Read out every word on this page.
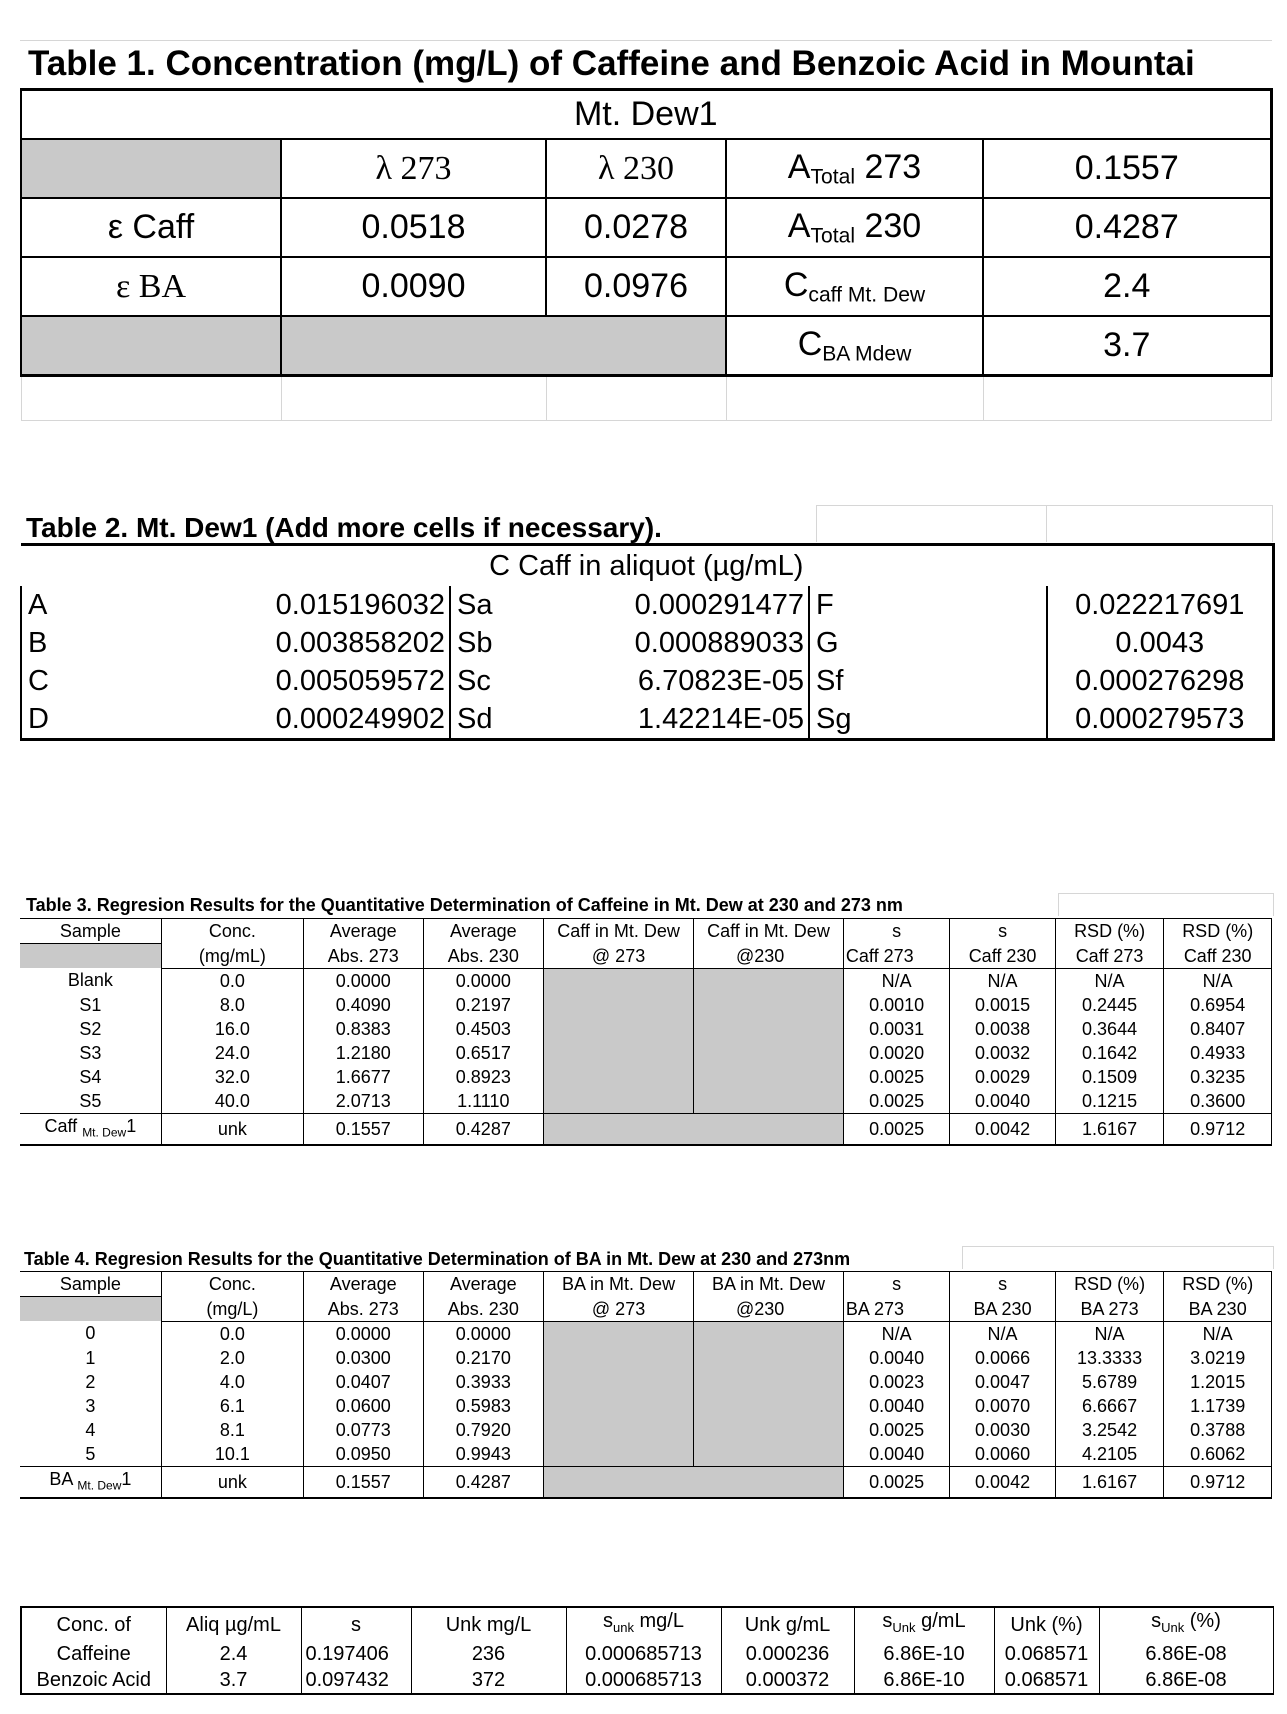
Table 1. Concentration (mg/L) of Caffeine and Benzoic Acid in Mountai
Mt. Dew1				
	λ 273	λ 230	$A_{Total}$ 273	0.1557
ε Caff	0.0518	0.0278	$A_{Total}$ 230	0.4287
ε BA	0.0090	0.0976	$C_{caff Mt. Dew}$	2.4
			$C_{BA Mdew}$	3.7

Table 2. Mt. Dew1 (Add more cells if necessary).
C Caff in aliquot (µg/mL)					
A	0.015196032	Sa	0.000291477	F	0.022217691
B	0.003858202	Sb	0.000889033	G	0.0043
C	0.005059572	Sc	6.70823E-05	Sf	0.000276298
D	0.000249902	Sd	1.42214E-05	Sg	0.000279573
Table 3. Regresion Results for the Quantitative Determination of Caffeine in Mt. Dew at 230 and 273 nm
Sample	Conc.	Average	Average	Caff in Mt. Dew	Caff in Mt. Dew	s	s	RSD (%)	RSD (%)
	(mg/mL)	Abs. 273	Abs. 230	@ 273	@230	Caff 273	Caff 230	Caff 273	Caff 230
Blank	0.0	0.0000	0.0000			N/A	N/A	N/A	N/A
S1	8.0	0.4090	0.2197			0.0010	0.0015	0.2445	0.6954
S2	16.0	0.8383	0.4503			0.0031	0.0038	0.3644	0.8407
S3	24.0	1.2180	0.6517			0.0020	0.0032	0.1642	0.4933
S4	32.0	1.6677	0.8923			0.0025	0.0029	0.1509	0.3235
S5	40.0	2.0713	1.1110			0.0025	0.0040	0.1215	0.3600
Caff $_{Mt. Dew}$1	unk	0.1557	0.4287			0.0025	0.0042	1.6167	0.9712
Table 4. Regresion Results for the Quantitative Determination of BA in Mt. Dew at 230 and 273nm
Sample	Conc.	Average	Average	BA in Mt. Dew	BA in Mt. Dew	s	s	RSD (%)	RSD (%)
	(mg/L)	Abs. 273	Abs. 230	@ 273	@230	BA 273	BA 230	BA 273	BA 230
0	0.0	0.0000	0.0000			N/A	N/A	N/A	N/A
1	2.0	0.0300	0.2170			0.0040	0.0066	13.3333	3.0219
2	4.0	0.0407	0.3933			0.0023	0.0047	5.6789	1.2015
3	6.1	0.0600	0.5983			0.0040	0.0070	6.6667	1.1739
4	8.1	0.0773	0.7920			0.0025	0.0030	3.2542	0.3788
5	10.1	0.0950	0.9943			0.0040	0.0060	4.2105	0.6062
BA $_{Mt. Dew}$1	unk	0.1557	0.4287			0.0025	0.0042	1.6167	0.9712
Conc. of	Aliq µg/mL	s	Unk mg/L	$s_{unk}$ mg/L	Unk g/mL	$s_{Unk}$ g/mL	Unk (%)	$s_{Unk}$ (%)
Caffeine	2.4	0.197406	236	0.000685713	0.000236	6.86E-10	0.068571	6.86E-08
Benzoic Acid	3.7	0.097432	372	0.000685713	0.000372	6.86E-10	0.068571	6.86E-08
